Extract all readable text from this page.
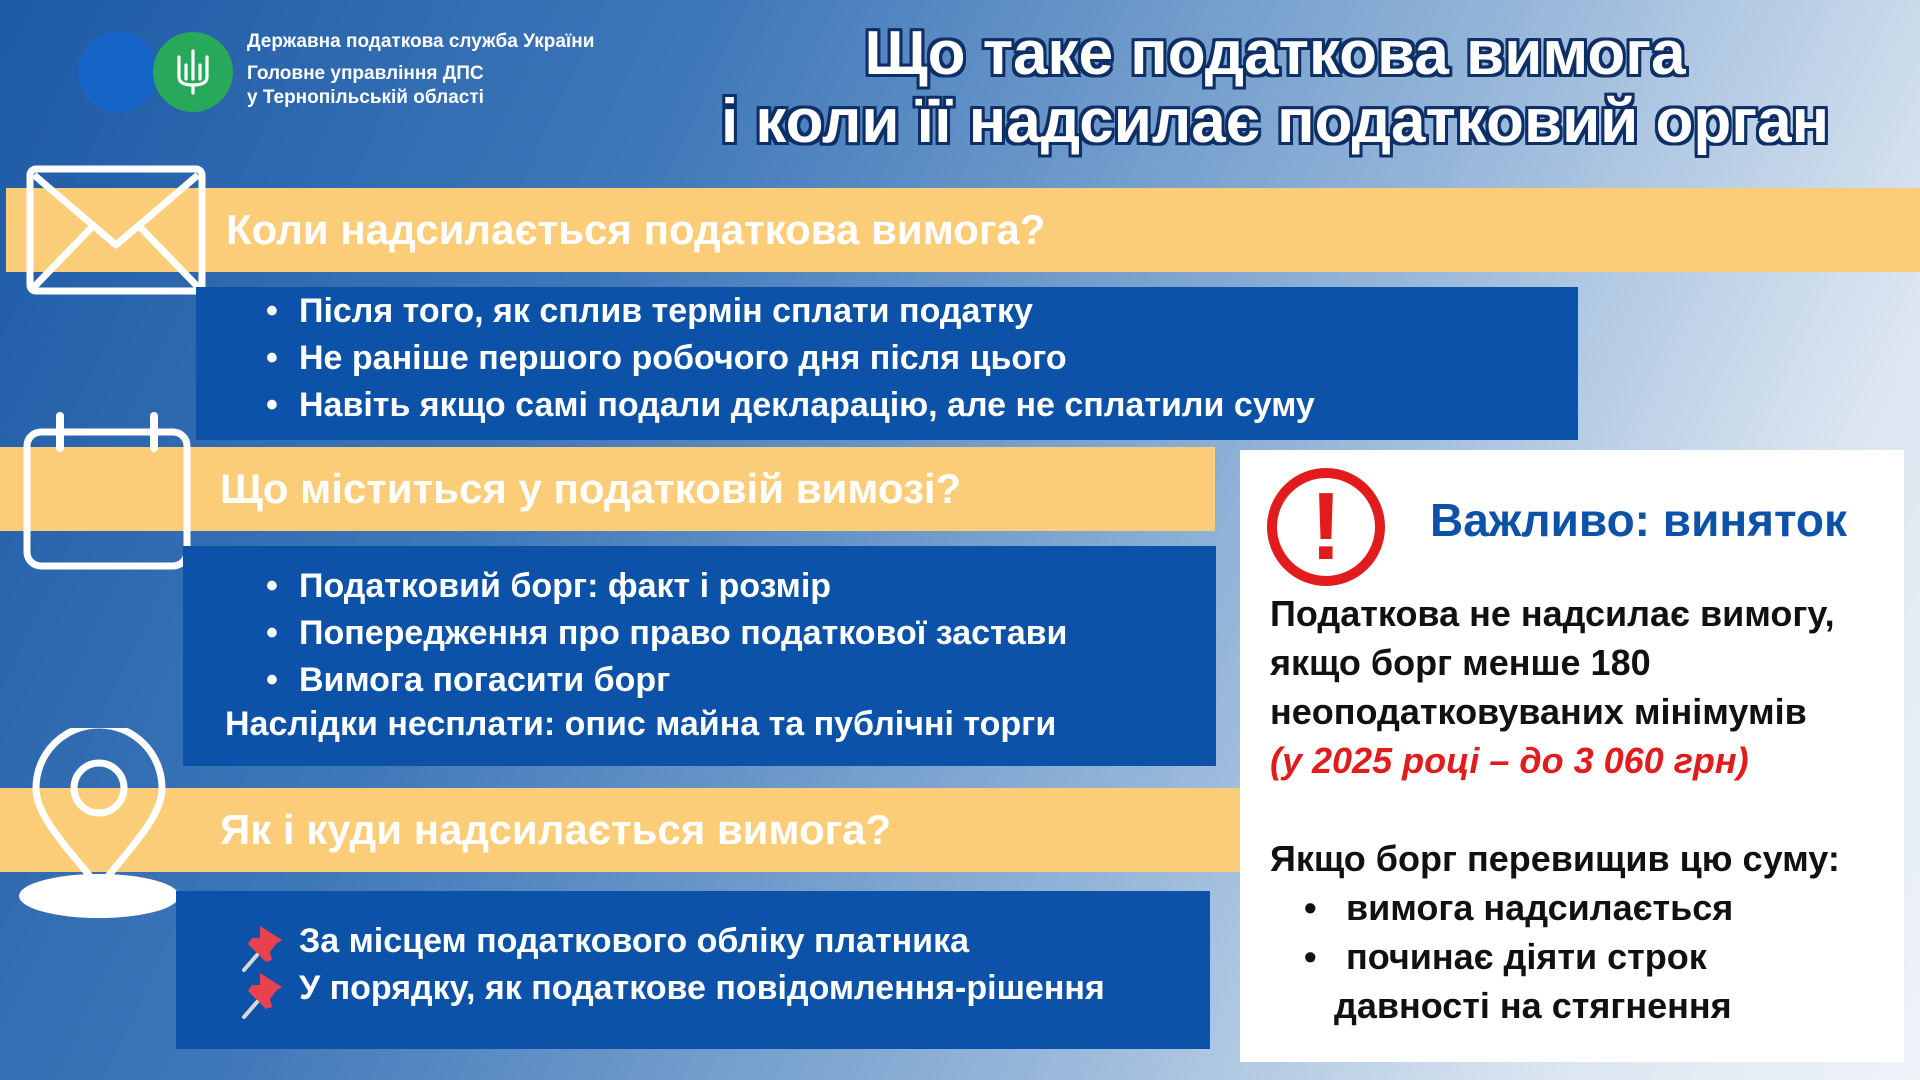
Державна податкова служба України
Головне управління ДПС
у Тернопільській області
Що таке податкова вимога
і коли її надсилає податковий орган
Коли надсилається податкова вимога?
• Після того, як сплив термін сплати податку
• Не раніше першого робочого дня після цього
• Навіть якщо самі подали декларацію, але не сплатили суму
Що міститься у податковій вимозі?
• Податковий борг: факт і розмір
• Попередження про право податкової застави
• Вимога погасити борг
Наслідки несплати: опис майна та публічні торги
Як і куди надсилається вимога?
За місцем податкового обліку платника
У порядку, як податкове повідомлення-рішення
!	Важливо: виняток
Податкова не надсилає вимогу,
якщо борг менше 180
неоподатковуваних мінімумів
(у 2025 році – до 3 060 грн)
Якщо борг перевищив цю суму:
• вимога надсилається
• починає діяти строк
давності на стягнення
